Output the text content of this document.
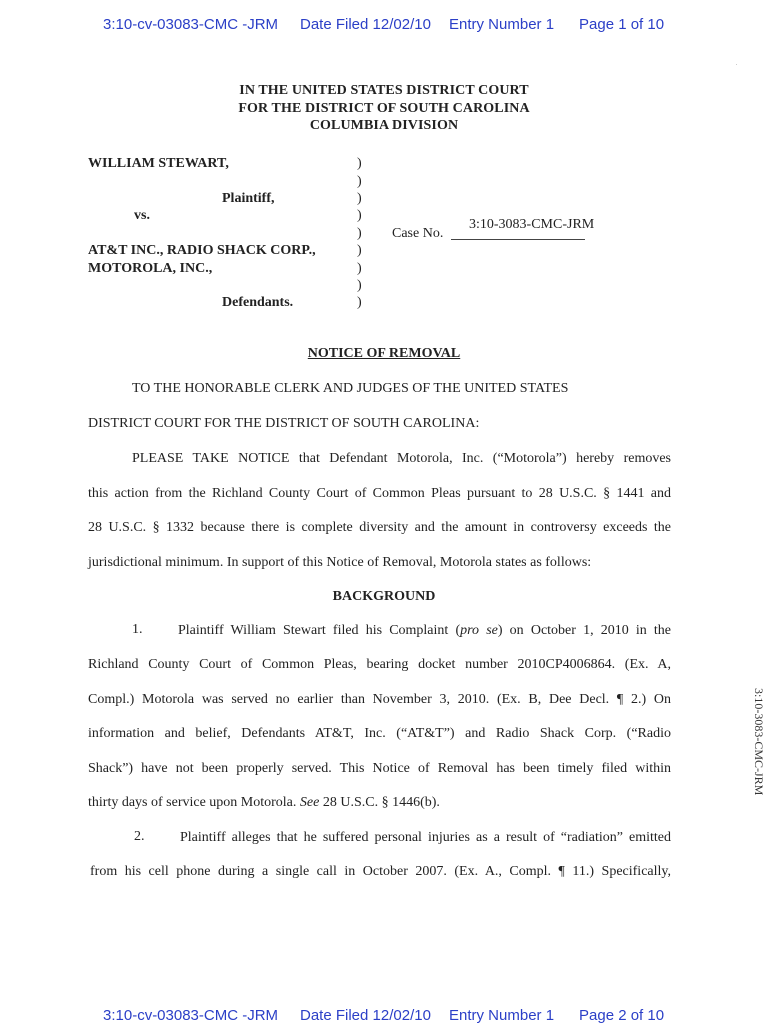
3:10-cv-03083-CMC -JRM Date Filed 12/02/10 Entry Number 1 Page 1 of 10
IN THE UNITED STATES DISTRICT COURT
FOR THE DISTRICT OF SOUTH CAROLINA
COLUMBIA DIVISION
WILLIAM STEWART,
Plaintiff,
vs.
AT&T INC., RADIO SHACK CORP.,
MOTOROLA, INC.,
Defendants.
)
)
)
)
)
)
)
)
)
Case No.
3:10-3083-CMC-JRM
NOTICE OF REMOVAL
TO THE HONORABLE CLERK AND JUDGES OF THE UNITED STATES
DISTRICT COURT FOR THE DISTRICT OF SOUTH CAROLINA:
PLEASE TAKE NOTICE that Defendant Motorola, Inc. (“Motorola”) hereby removes
this action from the Richland County Court of Common Pleas pursuant to 28 U.S.C. § 1441 and
28 U.S.C. § 1332 because there is complete diversity and the amount in controversy exceeds the
jurisdictional minimum. In support of this Notice of Removal, Motorola states as follows:
BACKGROUND
1.	Plaintiff William Stewart filed his Complaint (pro se) on October 1, 2010 in the
Richland County Court of Common Pleas, bearing docket number 2010CP4006864. (Ex. A,
Compl.) Motorola was served no earlier than November 3, 2010. (Ex. B, Dee Decl. ¶ 2.) On
information and belief, Defendants AT&T, Inc. (“AT&T”) and Radio Shack Corp. (“Radio
Shack”) have not been properly served. This Notice of Removal has been timely filed within
thirty days of service upon Motorola. See 28 U.S.C. § 1446(b).
2.	Plaintiff alleges that he suffered personal injuries as a result of “radiation” emitted
from his cell phone during a single call in October 2007. (Ex. A., Compl. ¶ 11.) Specifically,
3:10-3083-CMC-JRM
3:10-cv-03083-CMC -JRM Date Filed 12/02/10 Entry Number 1 Page 2 of 10
